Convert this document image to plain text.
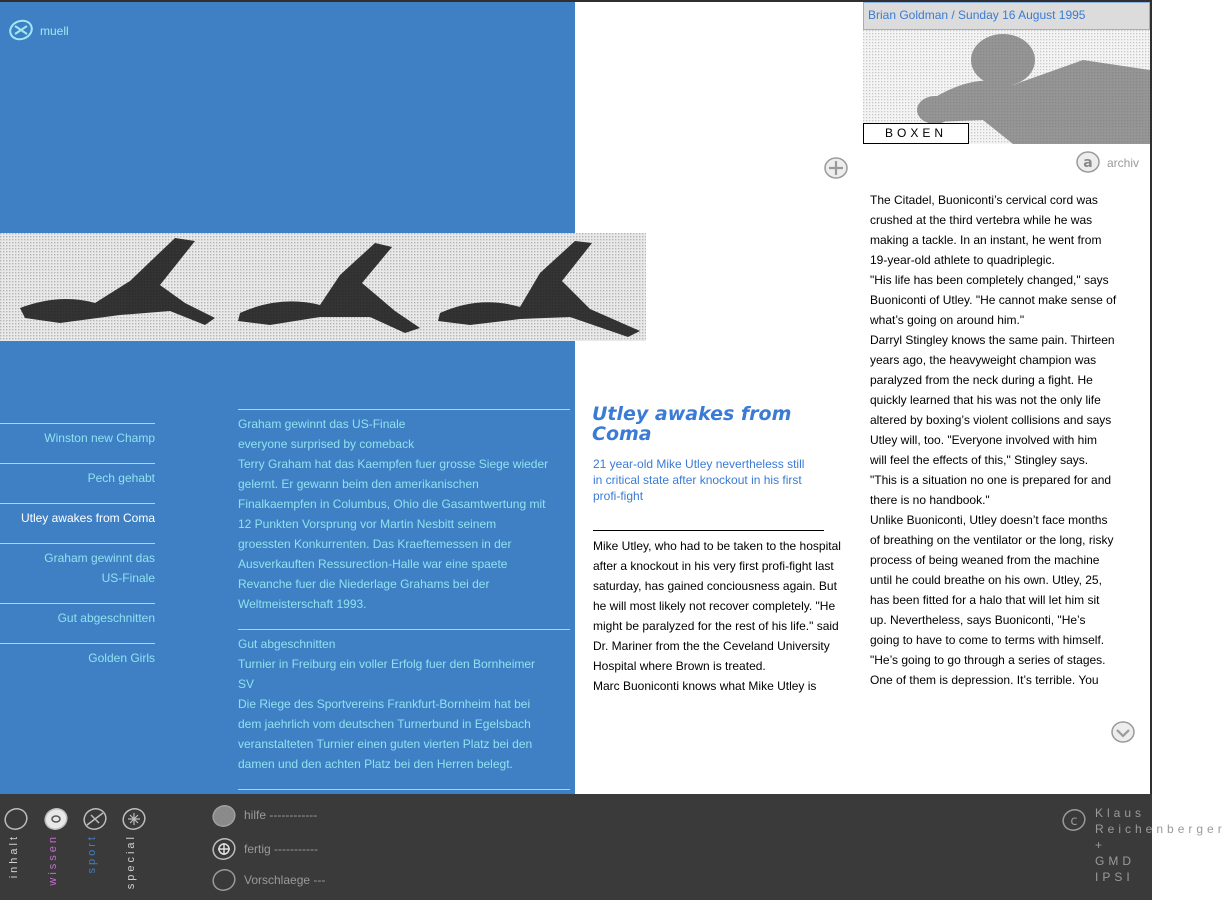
muell
Winston new Champ
Pech gehabt
Utley awakes from Coma
Graham gewinnt das
US-Finale
Gut abgeschnitten
Golden Girls
Graham gewinnt das US-Finale
everyone surprised by comeback
Terry Graham hat das Kaempfen fuer grosse Siege wieder
gelernt. Er gewann beim den amerikanischen
Finalkaempfen in Columbus, Ohio die Gasamtwertung mit
12 Punkten Vorsprung vor Martin Nesbitt seinem
groessten Konkurrenten. Das Kraeftemessen in der
Ausverkauften Ressurection-Halle war eine spaete
Revanche fuer die Niederlage Grahams bei der
Weltmeisterschaft 1993.
Gut abgeschnitten
Turnier in Freiburg ein voller Erfolg fuer den Bornheimer
SV
Die Riege des Sportvereins Frankfurt-Bornheim hat bei
dem jaehrlich vom deutschen Turnerbund in Egelsbach
veranstalteten Turnier einen guten vierten Platz bei den
damen und den achten Platz bei den Herren belegt.
Utley awakes from
Coma
21 year-old Mike Utley nevertheless still
in critical state after knockout in his first
profi-fight
Mike Utley, who had to be taken to the hospital
after a knockout in his very first profi-fight last
saturday, has gained conciousness again. But
he will most likely not recover completely. "He
might be paralyzed for the rest of his life." said
Dr. Mariner from the the Ceveland University
Hospital where Brown is treated.
Marc Buoniconti knows what Mike Utley is
Brian Goldman / Sunday 16 August 1995
BOXEN
a archiv
The Citadel, Buoniconti’s cervical cord was
crushed at the third vertebra while he was
making a tackle. In an instant, he went from
19-year-old athlete to quadriplegic.
"His life has been completely changed," says
Buoniconti of Utley. "He cannot make sense of
what’s going on around him."
Darryl Stingley knows the same pain. Thirteen
years ago, the heavyweight champion was
paralyzed from the neck during a fight. He
quickly learned that his was not the only life
altered by boxing’s violent collisions and says
Utley will, too. "Everyone involved with him
will feel the effects of this," Stingley says.
"This is a situation no one is prepared for and
there is no handbook."
Unlike Buoniconti, Utley doesn’t face months
of breathing on the ventilator or the long, risky
process of being weaned from the machine
until he could breathe on his own. Utley, 25,
has been fitted for a halo that will let him sit
up. Nevertheless, says Buoniconti, "He’s
going to have to come to terms with himself.
"He’s going to go through a series of stages.
One of them is depression. It’s terrible. You
inhalt wissen sport special
hilfe ------------
fertig -----------
Vorschlaege ---
c
Klaus Reichenberger + GMD IPSI
